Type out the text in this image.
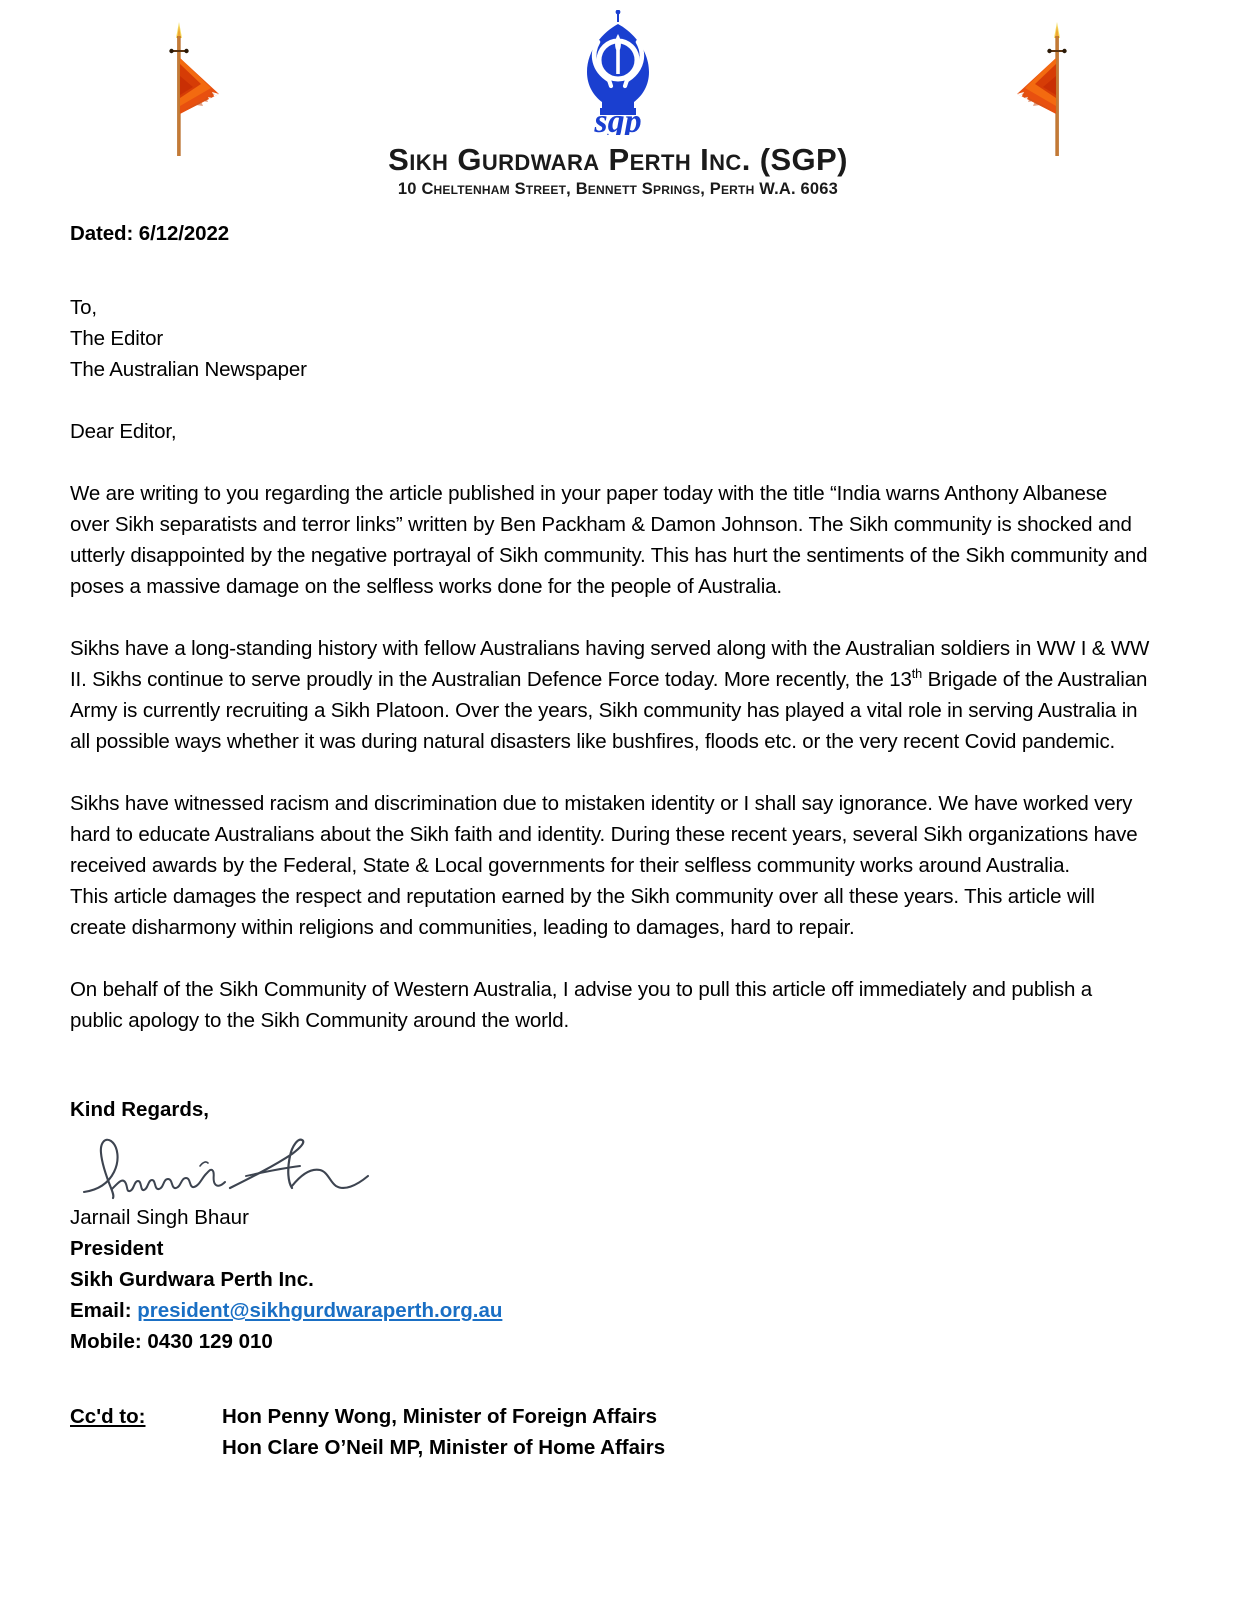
sgp
Sikh Gurdwara Perth Inc. (SGP)
10 Cheltenham Street, Bennett Springs, Perth W.A. 6063
Dated: 6/12/2022
To,
The Editor
The Australian Newspaper
Dear Editor,

We are writing to you regarding the article published in your paper today with the title “India warns Anthony Albanese over Sikh separatists and terror links” written by Ben Packham & Damon Johnson. The Sikh community is shocked and utterly disappointed by the negative portrayal of Sikh community. This has hurt the sentiments of the Sikh community and poses a massive damage on the selfless works done for the people of Australia.

Sikhs have a long-standing history with fellow Australians having served along with the Australian soldiers in WW I & WW II. Sikhs continue to serve proudly in the Australian Defence Force today. More recently, the 13th Brigade of the Australian Army is currently recruiting a Sikh Platoon. Over the years, Sikh community has played a vital role in serving Australia in all possible ways whether it was during natural disasters like bushfires, floods etc. or the very recent Covid pandemic.

Sikhs have witnessed racism and discrimination due to mistaken identity or I shall say ignorance. We have worked very hard to educate Australians about the Sikh faith and identity. During these recent years, several Sikh organizations have received awards by the Federal, State & Local governments for their selfless community works around Australia.

This article damages the respect and reputation earned by the Sikh community over all these years. This article will create disharmony within religions and communities, leading to damages, hard to repair.

On behalf of the Sikh Community of Western Australia, I advise you to pull this article off immediately and publish a public apology to the Sikh Community around the world.

Kind Regards,
Jarnail Singh Bhaur
President
Sikh Gurdwara Perth Inc.
Email: president@sikhgurdwaraperth.org.au
Mobile: 0430 129 010
Cc'd to:	Hon Penny Wong, Minister of Foreign Affairs
Hon Clare O’Neil MP, Minister of Home Affairs
